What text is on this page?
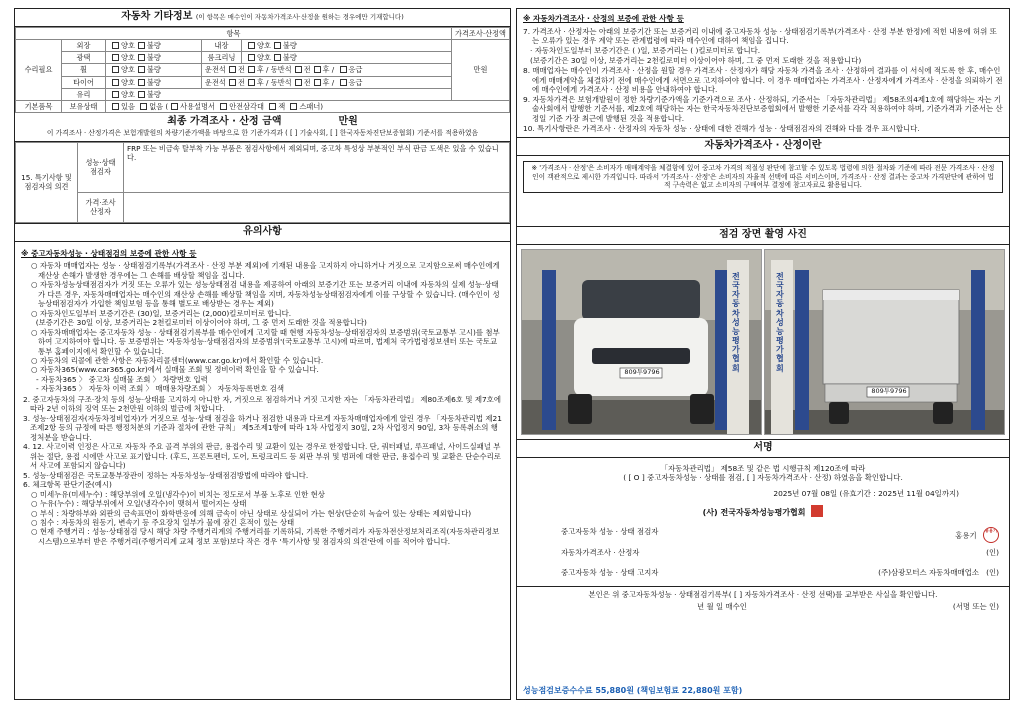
자동차 기타정보 (이 항목은 매수인이 자동차가격조사·산정을 원하는 경우에만 기재합니다)
항목					가격조사·산정액
수리필요	외장	양호 불량	내장	양호 불량	만원
	광택	양호 불량	룸크리닝	양호 불량	
	휠	양호 불량	운전석 전 후 / 동반석 전 후 / 응급		
	타이어	양호 불량	운전석 전 후 / 동반석 전 후 / 응급		
	유리	양호 불량			
기본품목	보유상태	있음 없음 ( 사용설명서 안전삼각대 잭 스패너)			
최종 가격조사 · 산정 금액	만원
이 가격조사 · 산정가격은 보험개발원의 차량기준가액을 바탕으로 한 기준가격과 ( [ ] 기술사회, [ ] 한국자동차진단보증협회) 기준서를 적용하였음
15. 특기사항 및 점검자의 의견	성능·상태 점검자	FRP 또는 비금속 탈부착 가능 부품은 점검사항에서 제외되며, 중고차 특성상 부분적인 부식 판금 도색은 있을 수 있습니다.
	가격·조사 산정자	
유의사항
※ 중고자동차성능 · 상태점검의 보증에 관한 사항 등
○ 자동차 매매업자는 성능 · 상태점검기록부(가격조사 · 산정 부분 제외)에 기재된 내용을 고지하지 아니하거나 거짓으로 고지함으로써 매수인에게 재산상 손해가 발생한 경우에는 그 손해를 배상할 책임을 집니다.
○ 자동차성능상태점검자가 거짓 또는 오류가 있는 성능상태점검 내용을 제공하여 아래의 보증기간 또는 보증거리 이내에 자동차의 실제 성능·상태가 다른 경우, 자동차매매업자는 매수인의 재산상 손해를 배상할 책임을 지며, 자동차성능상태점검자에게 이를 구상할 수 있습니다. (매수인이 성능상태점검자가 가입한 책임보험 등을 통해 별도로 배상받는 경우는 제외)
○ 자동차인도일부터 보증기간은 (30)일, 보증거리는 (2,000)킬로미터로 합니다.
(보증기간은 30일 이상, 보증거리는 2천킬로미터 이상이어야 하며, 그 중 먼저 도래한 것을 적용합니다)
○ 자동차매매업자는 중고자동차 성능 · 상태점검기록부를 매수인에게 고지할 때 현행 자동차성능·상태점검자의 보증범위(국토교통부 고시)를 첨부하여 고지하여야 합니다. 등 보증범위는 '자동차성능·상태점검자의 보증범위'(국토교통부 고시)에 따르며, 법제처 국가법령정보센터 또는 국토교통부 홈페이지에서 확인할 수 있습니다.
○ 자동차의 리콜에 관한 사항은 자동차리콜센터(www.car.go.kr)에서 확인할 수 있습니다.
○ 자동차365(www.car365.go.kr)에서 실매물 조회 및 정비이력 확인을 할 수 있습니다.
- 자동차365 〉 중고차 실매물 조회 〉 차량번호 입력
- 자동차365 〉 자동차 이력 조회 〉 매매용차량조회 〉 자동차등록번호 검색
2. 중고자동차의 구조·장치 등의 성능·상태를 고지하지 아니한 자, 거짓으로 점검하거나 거짓 고지한 자는 「자동차관리법」 제80조제6호 및 제7호에 따라 2년 이하의 징역 또는 2천만원 이하의 벌금에 처합니다.
3. 성능·상태점검자(자동차정비업자)가 거짓으로 성능·상태 점검을 하거나 점검한 내용과 다르게 자동차매매업자에게 알린 경우 「자동차관리법 제21조제2항 등의 규정에 따른 행정처분의 기준과 절차에 관한 규칙」 제5조제1항에 따라 1차 사업정지 30일, 2차 사업정지 90일, 3차 등록취소의 행정처분을 받습니다.
4. 12. 사고이력 인정은 사고로 자동차 주요 골격 부위의 판금, 용접수리 및 교환이 있는 경우로 한정합니다. 단, 쿼터패널, 루프패널, 사이드실패널 부위는 절단, 용접 시에만 사고로 표기합니다. (후드, 프론트펜더, 도어, 트렁크리드 등 외판 부위 및 범퍼에 대한 판금, 용접수리 및 교환은 단순수리로서 사고에 포함되지 않습니다)
5. 성능·상태점검은 국토교통부장관이 정하는 자동차성능·상태점검방법에 따라야 합니다.
6. 체크항목 판단기준(예시)
○ 미세누유(미세누수) : 해당부위에 오일(냉각수)이 비치는 정도로서 부품 노후로 인한 현상
○ 누유(누수) : 해당부위에서 오일(냉각수)이 맺혀서 떨어지는 상태
○ 부식 : 차량하부와 외판의 금속표면이 화학반응에 의해 금속이 아닌 상태로 상실되어 가는 현상(단순히 녹슬어 있는 상태는 제외합니다)
○ 침수 : 자동차의 원동기, 변속기 등 주요장치 일부가 물에 잠긴 흔적이 있는 상태
○ 현재 주행거리 : 성능·상태점검 당시 해당 차량 주행거리계의 주행거리를 기록하되, 기록한 주행거리가 자동차전산정보처리조직(자동차관리정보시스템)으로부터 받은 주행거리(주행거리계 교체 정보 포함)보다 작은 경우 '특기사항 및 점검자의 의견'란에 이를 적어야 합니다.
※ 자동차가격조사 · 산정의 보증에 관한 사항 등
7. 가격조사 · 산정자는 아래의 보증기간 또는 보증거리 이내에 중고자동차 성능 · 상태점검기록부(가격조사 · 산정 부분 한정)에 적힌 내용에 허위 또는 오류가 있는 경우 계약 또는 관계법령에 따라 매수인에 대하여 책임을 집니다.
· 자동차인도일부터 보증기간은 ( )일, 보증거리는 ( )킬로미터로 합니다.
(보증기간은 30일 이상, 보증거리는 2천킬로미터 이상이어야 하며, 그 중 먼저 도래한 것을 적용합니다)
8. 매매업자는 매수인이 가격조사 · 산정을 원할 경우 가격조사 · 산정자가 해당 자동차 가격을 조사 · 산정하여 결과를 이 서식에 적도록 한 후, 매수인에게 매매계약을 체결하기 전에 매수인에게 서면으로 고지하여야 합니다. 이 경우 매매업자는 가격조사 · 산정자에게 가격조사 · 산정을 의뢰하기 전에 매수인에게 가격조사 · 산정 비용을 안내하여야 합니다.
9. 자동차가격은 보험개발원이 정한 차량기준가액을 기준가격으로 조사 · 산정하되, 기준서는 「자동차관리법」 제58조의4제1호에 해당하는 자는 기술사회에서 발행한 기준서를, 제2호에 해당하는 자는 한국자동차진단보증협회에서 발행한 기준서를 각각 적용하여야 하며, 기준가격과 기준서는 산정일 기준 가장 최근에 발행된 것을 적용합니다.
10. 특기사항란은 가격조사 · 산정자의 자동차 성능 · 상태에 대한 견해가 성능 · 상태점검자의 견해와 다를 경우 표시합니다.
자동차가격조사 · 산정이란
※ '가격조사 · 산정'은 소비자가 매매계약을 체결함에 있어 중고차 가격의 적절성 판단에 참고할 수 있도록 법령에 의한 절차와 기준에 따라 전문 가격조사 · 산정인이 객관적으로 제시한 가격입니다. 따라서 '가격조사 · 산정'은 소비자의 자율적 선택에 따른 서비스이며, 가격조사 · 산정 결과는 중고차 가격판단에 관하여 법적 구속력은 없고 소비자의 구매여부 결정에 참고자료로 활용됩니다.
점검 장면 촬영 사진
809투9796
전국자동차성능평가협회
809투9796
전국자동차성능평가협회
서명
「자동차관리법」 제58조 및 같은 법 시행규칙 제120조에 따라
( [ O ] 중고자동차성능 · 상태를 점검, [ ] 자동차가격조사 · 산정) 하였음을 확인합니다.
2025년 07월 08일 (유효기간 : 2025년 11월 04일까지)
(사) 전국자동차성능평가협회
중고자동차 성능 · 상태 점검자	홍용기 홍용기
자동차가격조사 · 산정자	(인)
중고자동차 성능 · 상태 고지자	(주)삼광모터스 자동차매매업소 (인)
본인은 위 중고자동차성능 · 상태점검기록부( [ ] 자동차가격조사 · 산정 선택)를 교부받은 사실을 확인합니다.
년 월 일 매수인	(서명 또는 인)
성능점검보증수수료 55,880원 (책임보험료 22,880원 포함)
